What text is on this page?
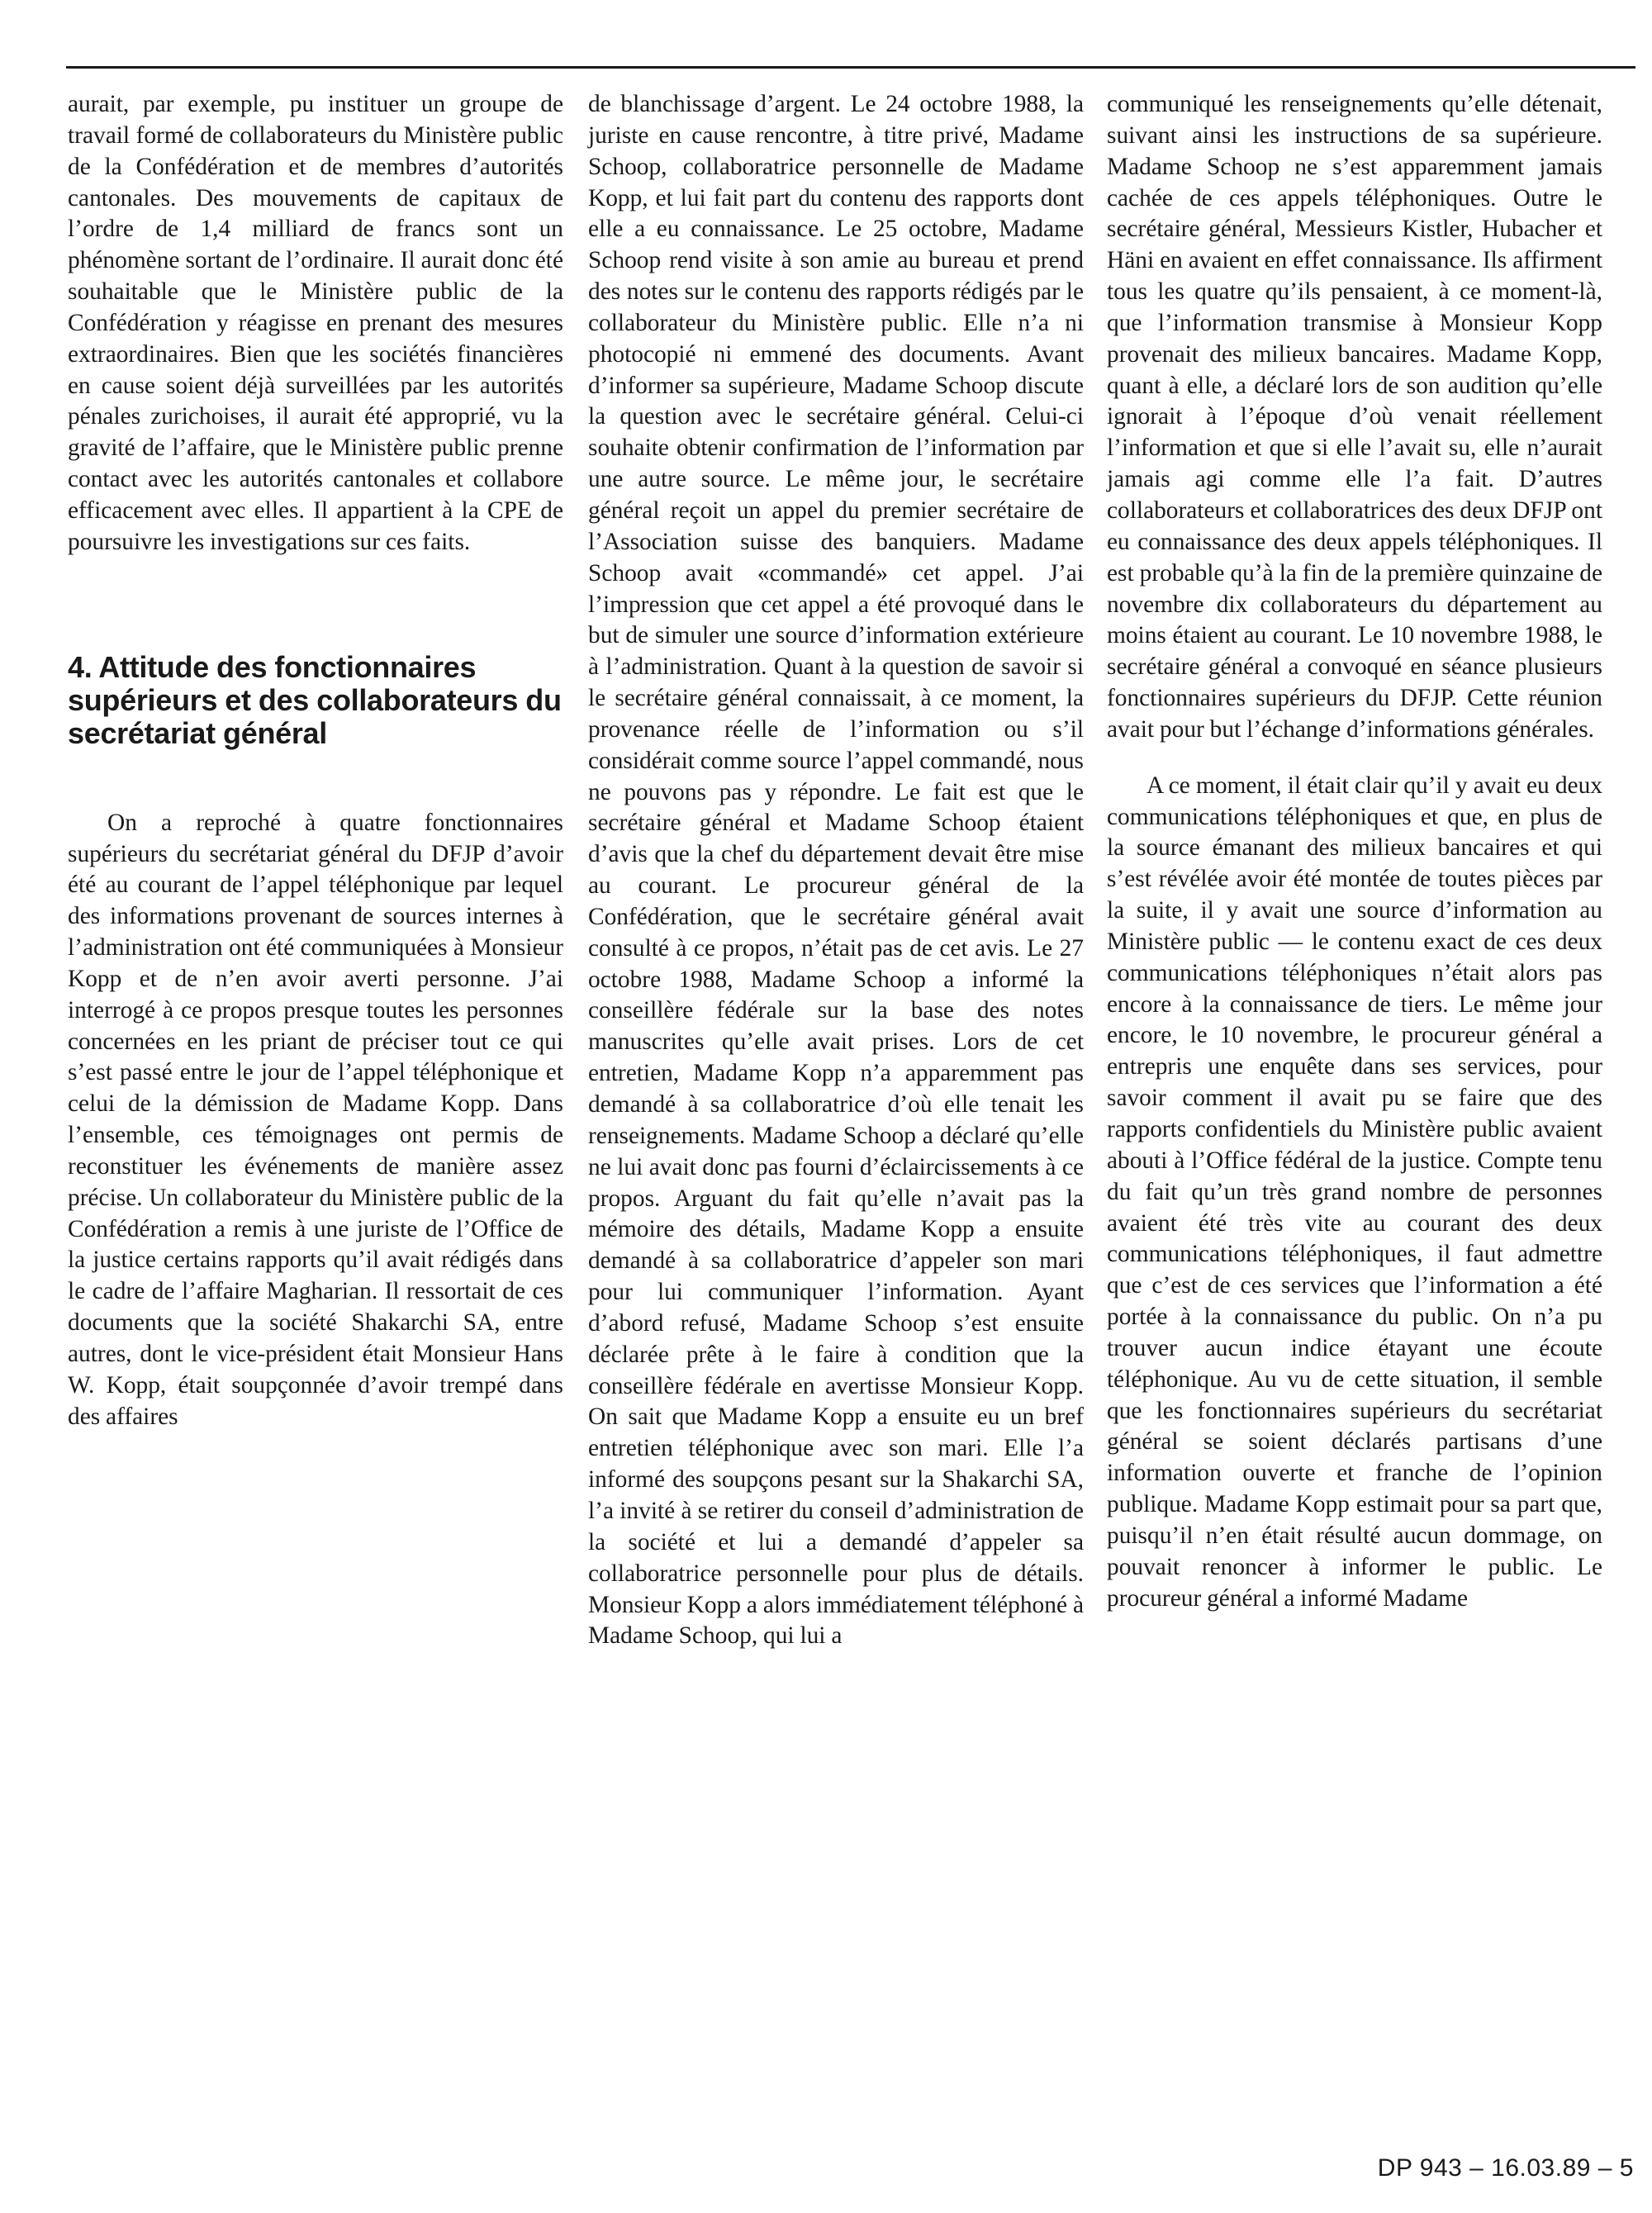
aurait, par exemple, pu instituer un groupe de travail formé de collaborateurs du Ministère public de la Confédération et de membres d’autorités cantonales. Des mouvements de capitaux de l’ordre de 1,4 milliard de francs sont un phénomène sortant de l’ordinaire. Il aurait donc été souhaitable que le Ministère public de la Confédération y réagisse en prenant des mesures extraordinaires. Bien que les sociétés financières en cause soient déjà surveillées par les autorités pénales zurichoises, il aurait été approprié, vu la gravité de l’affaire, que le Ministère public prenne contact avec les autorités cantonales et collabore efficacement avec elles. Il appartient à la CPE de poursuivre les investigations sur ces faits.

4. Attitude des fonctionnaires supérieurs et des collaborateurs du secrétariat général

On a reproché à quatre fonctionnaires supérieurs du secrétariat général du DFJP d’avoir été au courant de l’appel téléphonique par lequel des informations provenant de sources internes à l’administration ont été communiquées à Monsieur Kopp et de n’en avoir averti personne. J’ai interrogé à ce propos presque toutes les personnes concernées en les priant de préciser tout ce qui s’est passé entre le jour de l’appel téléphonique et celui de la démission de Madame Kopp. Dans l’ensemble, ces témoignages ont permis de reconstituer les événements de manière assez précise. Un collaborateur du Ministère public de la Confédération a remis à une juriste de l’Office de la justice certains rapports qu’il avait rédigés dans le cadre de l’affaire Magharian. Il ressortait de ces documents que la société Shakarchi SA, entre autres, dont le vice-président était Monsieur Hans W. Kopp, était soupçonnée d’avoir trempé dans des affaires

de blanchissage d’argent. Le 24 octobre 1988, la juriste en cause rencontre, à titre privé, Madame Schoop, collaboratrice personnelle de Madame Kopp, et lui fait part du contenu des rapports dont elle a eu connaissance. Le 25 octobre, Madame Schoop rend visite à son amie au bureau et prend des notes sur le contenu des rapports rédigés par le collaborateur du Ministère public. Elle n’a ni photocopié ni emmené des documents. Avant d’informer sa supérieure, Madame Schoop discute la question avec le secrétaire général. Celui-ci souhaite obtenir confirmation de l’information par une autre source. Le même jour, le secrétaire général reçoit un appel du premier secrétaire de l’Association suisse des banquiers. Madame Schoop avait «commandé» cet appel. J’ai l’impression que cet appel a été provoqué dans le but de simuler une source d’information extérieure à l’administration. Quant à la question de savoir si le secrétaire général connaissait, à ce moment, la provenance réelle de l’information ou s’il considérait comme source l’appel commandé, nous ne pouvons pas y répondre. Le fait est que le secrétaire général et Madame Schoop étaient d’avis que la chef du département devait être mise au courant. Le procureur général de la Confédération, que le secrétaire général avait consulté à ce propos, n’était pas de cet avis. Le 27 octobre 1988, Madame Schoop a informé la conseillère fédérale sur la base des notes manuscrites qu’elle avait prises. Lors de cet entretien, Madame Kopp n’a apparemment pas demandé à sa collaboratrice d’où elle tenait les renseignements. Madame Schoop a déclaré qu’elle ne lui avait donc pas fourni d’éclaircissements à ce propos. Arguant du fait qu’elle n’avait pas la mémoire des détails, Madame Kopp a ensuite demandé à sa collaboratrice d’appeler son mari pour lui communiquer l’information. Ayant d’abord refusé, Madame Schoop s’est ensuite déclarée prête à le faire à condition que la conseillère fédérale en avertisse Monsieur Kopp. On sait que Madame Kopp a ensuite eu un bref entretien téléphonique avec son mari. Elle l’a informé des soupçons pesant sur la Shakarchi SA, l’a invité à se retirer du conseil d’administration de la société et lui a demandé d’appeler sa collaboratrice personnelle pour plus de détails. Monsieur Kopp a alors immédiatement téléphoné à Madame Schoop, qui lui a

communiqué les renseignements qu’elle détenait, suivant ainsi les instructions de sa supérieure. Madame Schoop ne s’est apparemment jamais cachée de ces appels téléphoniques. Outre le secrétaire général, Messieurs Kistler, Hubacher et Häni en avaient en effet connaissance. Ils affirment tous les quatre qu’ils pensaient, à ce moment-là, que l’information transmise à Monsieur Kopp provenait des milieux bancaires. Madame Kopp, quant à elle, a déclaré lors de son audition qu’elle ignorait à l’époque d’où venait réellement l’information et que si elle l’avait su, elle n’aurait jamais agi comme elle l’a fait. D’autres collaborateurs et collaboratrices des deux DFJP ont eu connaissance des deux appels téléphoniques. Il est probable qu’à la fin de la première quinzaine de novembre dix collaborateurs du département au moins étaient au courant. Le 10 novembre 1988, le secrétaire général a convoqué en séance plusieurs fonctionnaires supérieurs du DFJP. Cette réunion avait pour but l’échange d’informations générales.

A ce moment, il était clair qu’il y avait eu deux communications téléphoniques et que, en plus de la source émanant des milieux bancaires et qui s’est révélée avoir été montée de toutes pièces par la suite, il y avait une source d’information au Ministère public — le contenu exact de ces deux communications téléphoniques n’était alors pas encore à la connaissance de tiers. Le même jour encore, le 10 novembre, le procureur général a entrepris une enquête dans ses services, pour savoir comment il avait pu se faire que des rapports confidentiels du Ministère public avaient abouti à l’Office fédéral de la justice. Compte tenu du fait qu’un très grand nombre de personnes avaient été très vite au courant des deux communications téléphoniques, il faut admettre que c’est de ces services que l’information a été portée à la connaissance du public. On n’a pu trouver aucun indice étayant une écoute téléphonique. Au vu de cette situation, il semble que les fonctionnaires supérieurs du secrétariat général se soient déclarés partisans d’une information ouverte et franche de l’opinion publique. Madame Kopp estimait pour sa part que, puisqu’il n’en était résulté aucun dommage, on pouvait renoncer à informer le public. Le procureur général a informé Madame

DP 943 – 16.03.89 – 5
